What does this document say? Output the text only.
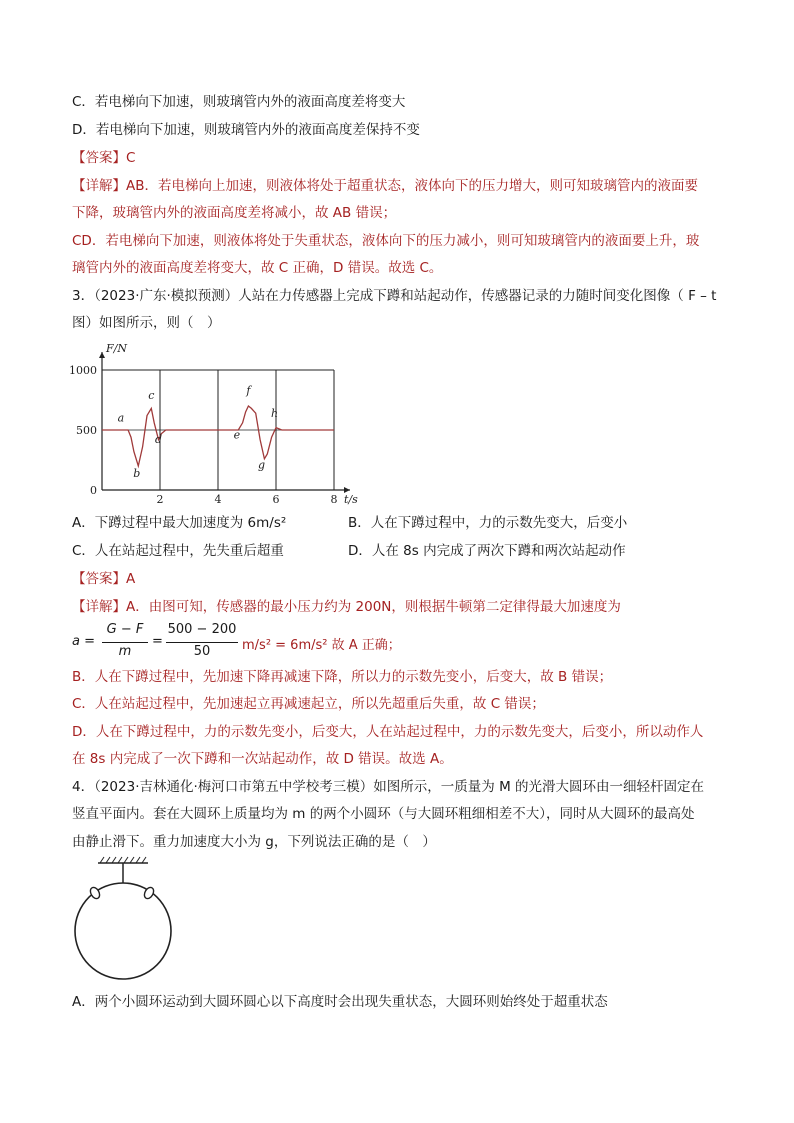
C．若电梯向下加速，则玻璃管内外的液面高度差将变大
D．若电梯向下加速，则玻璃管内外的液面高度差保持不变
【答案】C
【详解】AB．若电梯向上加速，则液体将处于超重状态，液体向下的压力增大，则可知玻璃管内的液面要
下降，玻璃管内外的液面高度差将减小，故 AB 错误；
CD．若电梯向下加速，则液体将处于失重状态，液体向下的压力减小，则可知玻璃管内的液面要上升，玻
璃管内外的液面高度差将变大，故 C 正确，D 错误。故选 C。
3．（2023·广东·模拟预测）人站在力传感器上完成下蹲和站起动作，传感器记录的力随时间变化图像（ F – t
图）如图所示，则（　）
2	4	6	8
0
500
1000
F/N
t/s
a
b
c
d	e
f
g
h
A．下蹲过程中最大加速度为 6m/s²	B．人在下蹲过程中，力的示数先变大，后变小
C．人在站起过程中，先失重后超重	D．人在 8s 内完成了两次下蹲和两次站起动作
【答案】A
【详解】A．由图可知，传感器的最小压力约为 200N，则根据牛顿第二定律得最大加速度为
a =
G − F
m
=
500 − 200
50	m/s² = 6m/s² 故 A 正确；
B．人在下蹲过程中，先加速下降再减速下降，所以力的示数先变小，后变大，故 B 错误；
C．人在站起过程中，先加速起立再减速起立，所以先超重后失重，故 C 错误；
D．人在下蹲过程中，力的示数先变小，后变大，人在站起过程中，力的示数先变大，后变小，所以动作人
在 8s 内完成了一次下蹲和一次站起动作，故 D 错误。故选 A。
4．（2023·吉林通化·梅河口市第五中学校考三模）如图所示，一质量为 M 的光滑大圆环由一细轻杆固定在
竖直平面内。套在大圆环上质量均为 m 的两个小圆环（与大圆环粗细相差不大），同时从大圆环的最高处
由静止滑下。重力加速度大小为 g，下列说法正确的是（　）
A．两个小圆环运动到大圆环圆心以下高度时会出现失重状态，大圆环则始终处于超重状态
